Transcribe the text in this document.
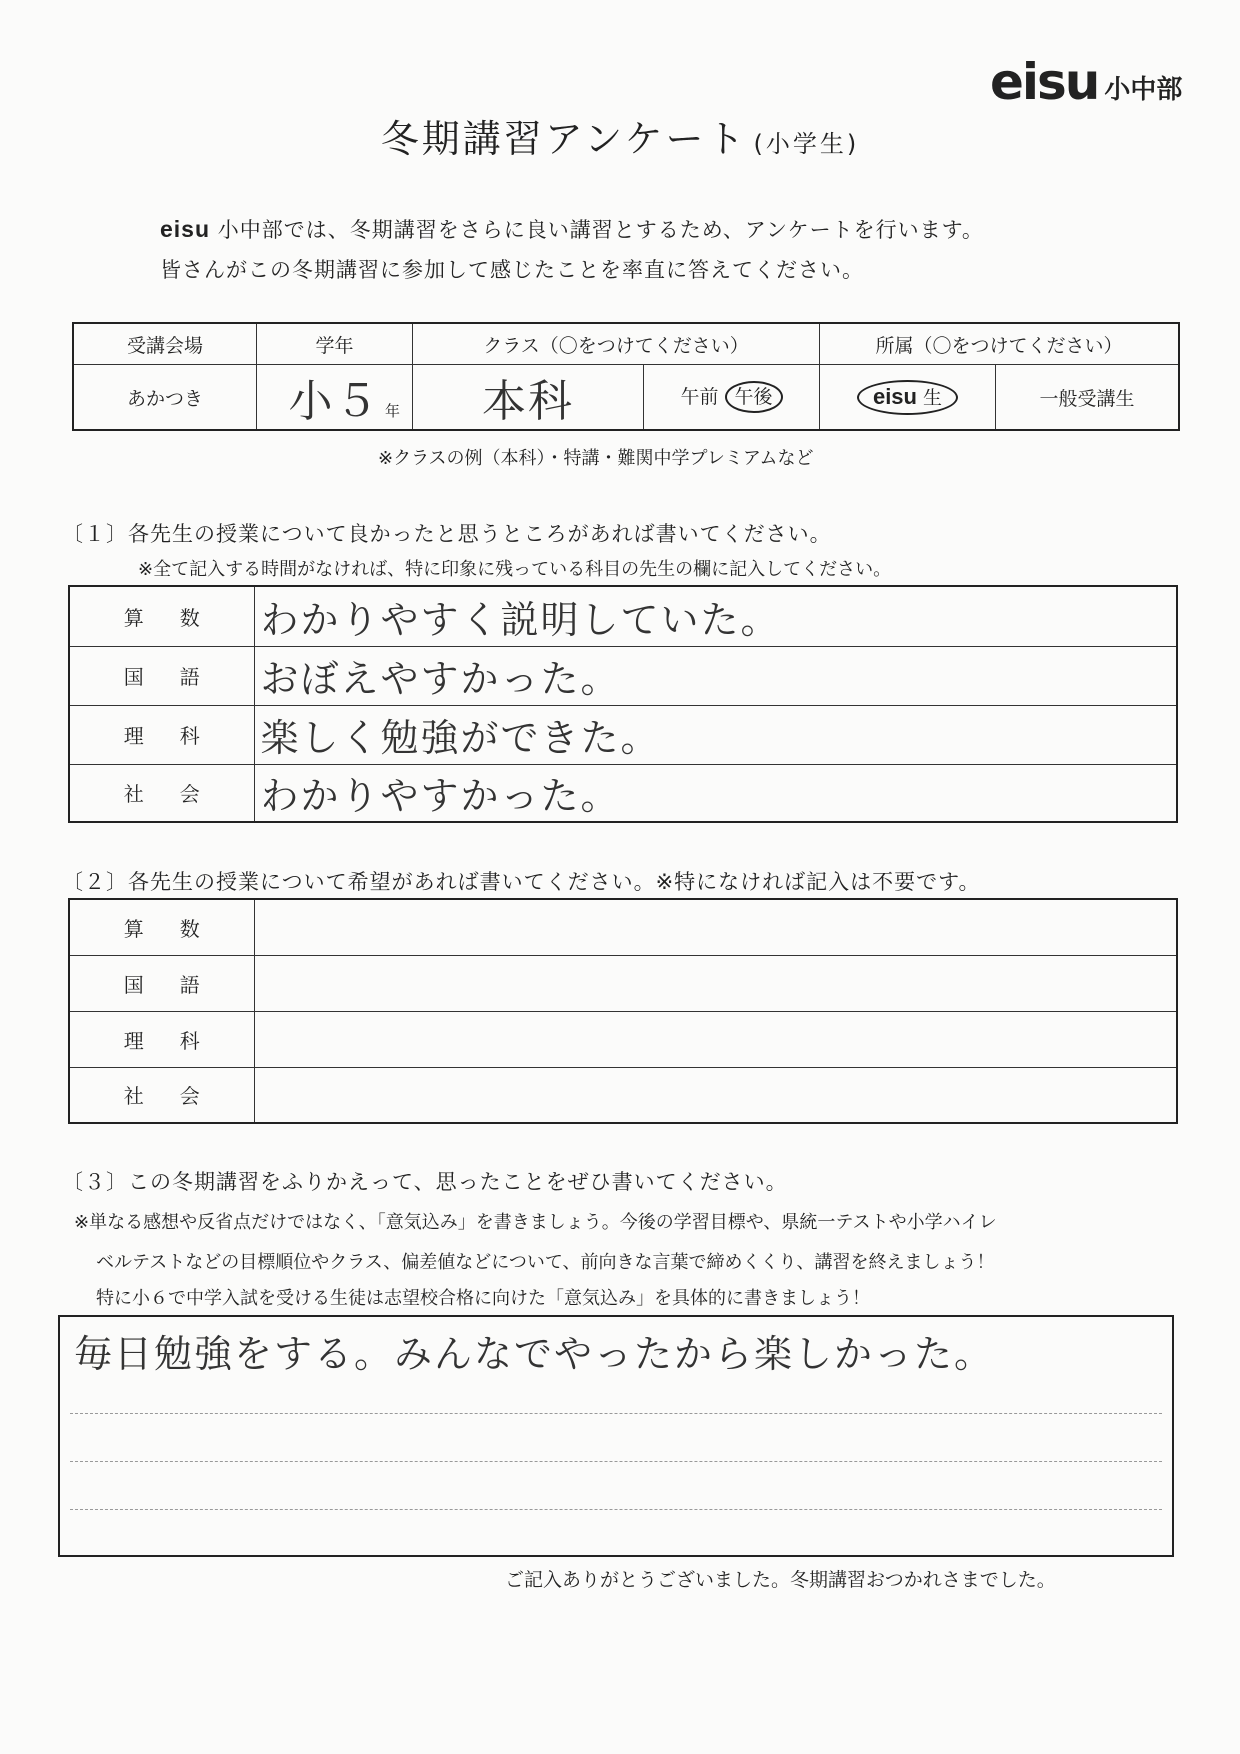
eisu 小中部
冬期講習アンケート (小学生)
eisu 小中部では、冬期講習をさらに良い講習とするため、アンケートを行います。
皆さんがこの冬期講習に参加して感じたことを率直に答えてください。
受講会場	学年	クラス（〇をつけてください）		所属（〇をつけてください）	
あかつき	小５ 年	本科	午前 午後	eisu 生	一般受講生
※クラスの例（本科）・特講・難関中学プレミアムなど
〔１〕各先生の授業について良かったと思うところがあれば書いてください。
※全て記入する時間がなければ、特に印象に残っている科目の先生の欄に記入してください。
算数	わかりやすく説明していた。
国語	おぼえやすかった。
理科	楽しく勉強ができた。
社会	わかりやすかった。
〔２〕各先生の授業について希望があれば書いてください。※特になければ記入は不要です。
算数	
国語	
理科	
社会	
〔３〕この冬期講習をふりかえって、思ったことをぜひ書いてください。
※単なる感想や反省点だけではなく、「意気込み」を書きましょう。今後の学習目標や、県統一テストや小学ハイレ
ベルテストなどの目標順位やクラス、偏差値などについて、前向きな言葉で締めくくり、講習を終えましょう！
特に小６で中学入試を受ける生徒は志望校合格に向けた「意気込み」を具体的に書きましょう！
毎日勉強をする。みんなでやったから楽しかった。
ご記入ありがとうございました。冬期講習おつかれさまでした。
